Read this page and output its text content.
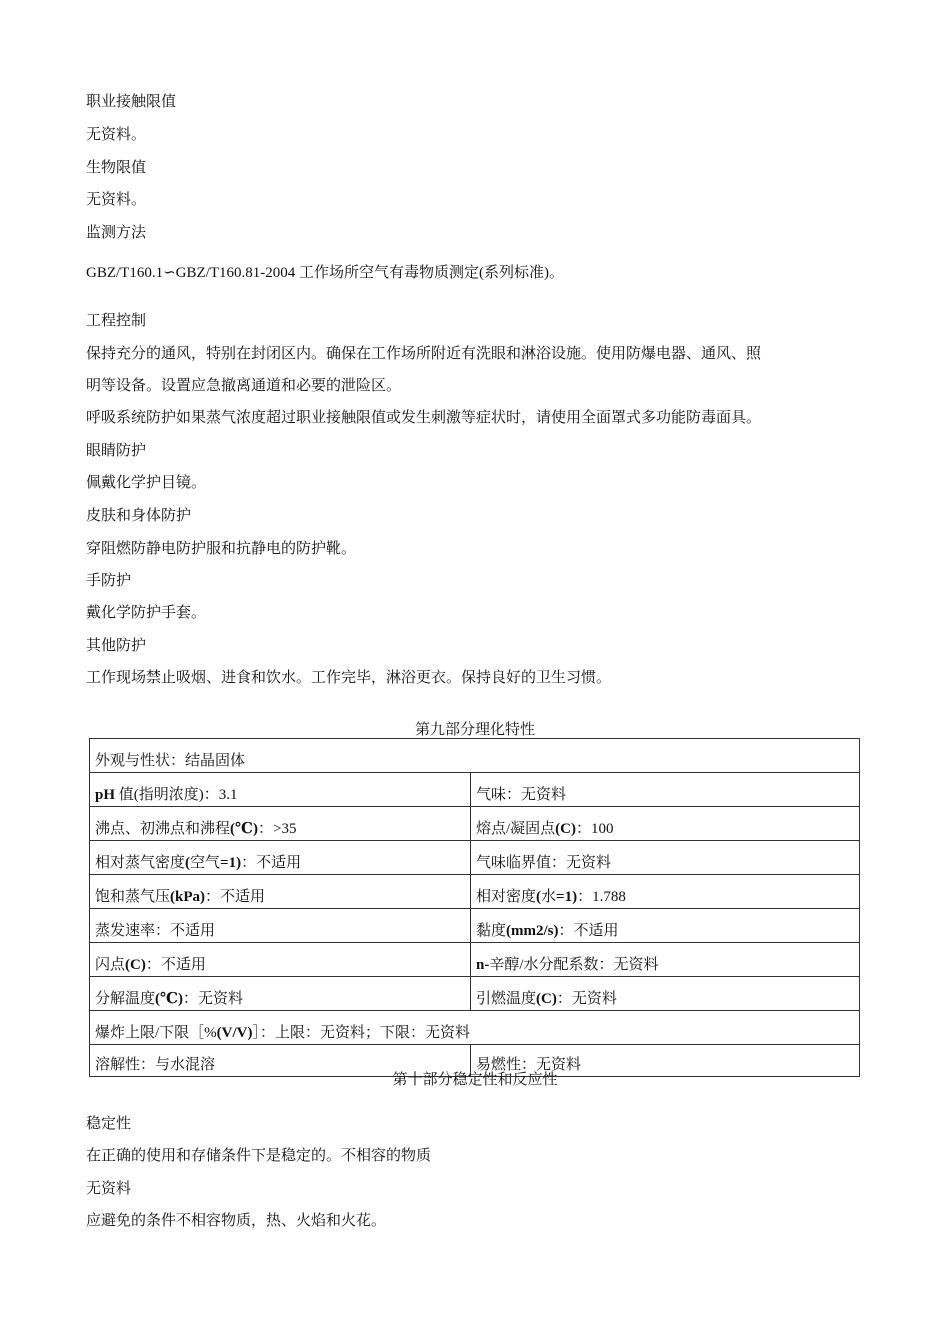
职业接触限值
无资料。
生物限值
无资料。
监测方法
GBZ/T160.1∽GBZ/T160.81-2004 工作场所空气有毒物质测定(系列标准)。
工程控制
保持充分的通风，特别在封闭区内。确保在工作场所附近有洗眼和淋浴设施。使用防爆电器、通风、照
明等设备。设置应急撤离通道和必要的泄险区。
呼吸系统防护如果蒸气浓度超过职业接触限值或发生刺激等症状时，请使用全面罩式多功能防毒面具。
眼睛防护
佩戴化学护目镜。
皮肤和身体防护
穿阻燃防静电防护服和抗静电的防护靴。
手防护
戴化学防护手套。
其他防护
工作现场禁止吸烟、进食和饮水。工作完毕，淋浴更衣。保持良好的卫生习惯。
第九部分理化特性
外观与性状：结晶固体	
pH 值(指明浓度)：3.1	气味：无资料
沸点、初沸点和沸程(℃)：>35	熔点/凝固点(C)：100
相对蒸气密度(空气=1)：不适用	气味临界值：无资料
饱和蒸气压(kPa)：不适用	相对密度(水=1)：1.788
蒸发速率：不适用	黏度(mm2/s)：不适用
闪点(C)：不适用	n-辛醇/水分配系数：无资料
分解温度(℃)：无资料	引燃温度(C)：无资料
爆炸上限/下限［%(V/V)］：上限：无资料；下限：无资料	
溶解性：与水混溶	易燃性：无资料
第十部分稳定性和反应性
稳定性
在正确的使用和存储条件下是稳定的。不相容的物质
无资料
应避免的条件不相容物质，热、火焰和火花。
